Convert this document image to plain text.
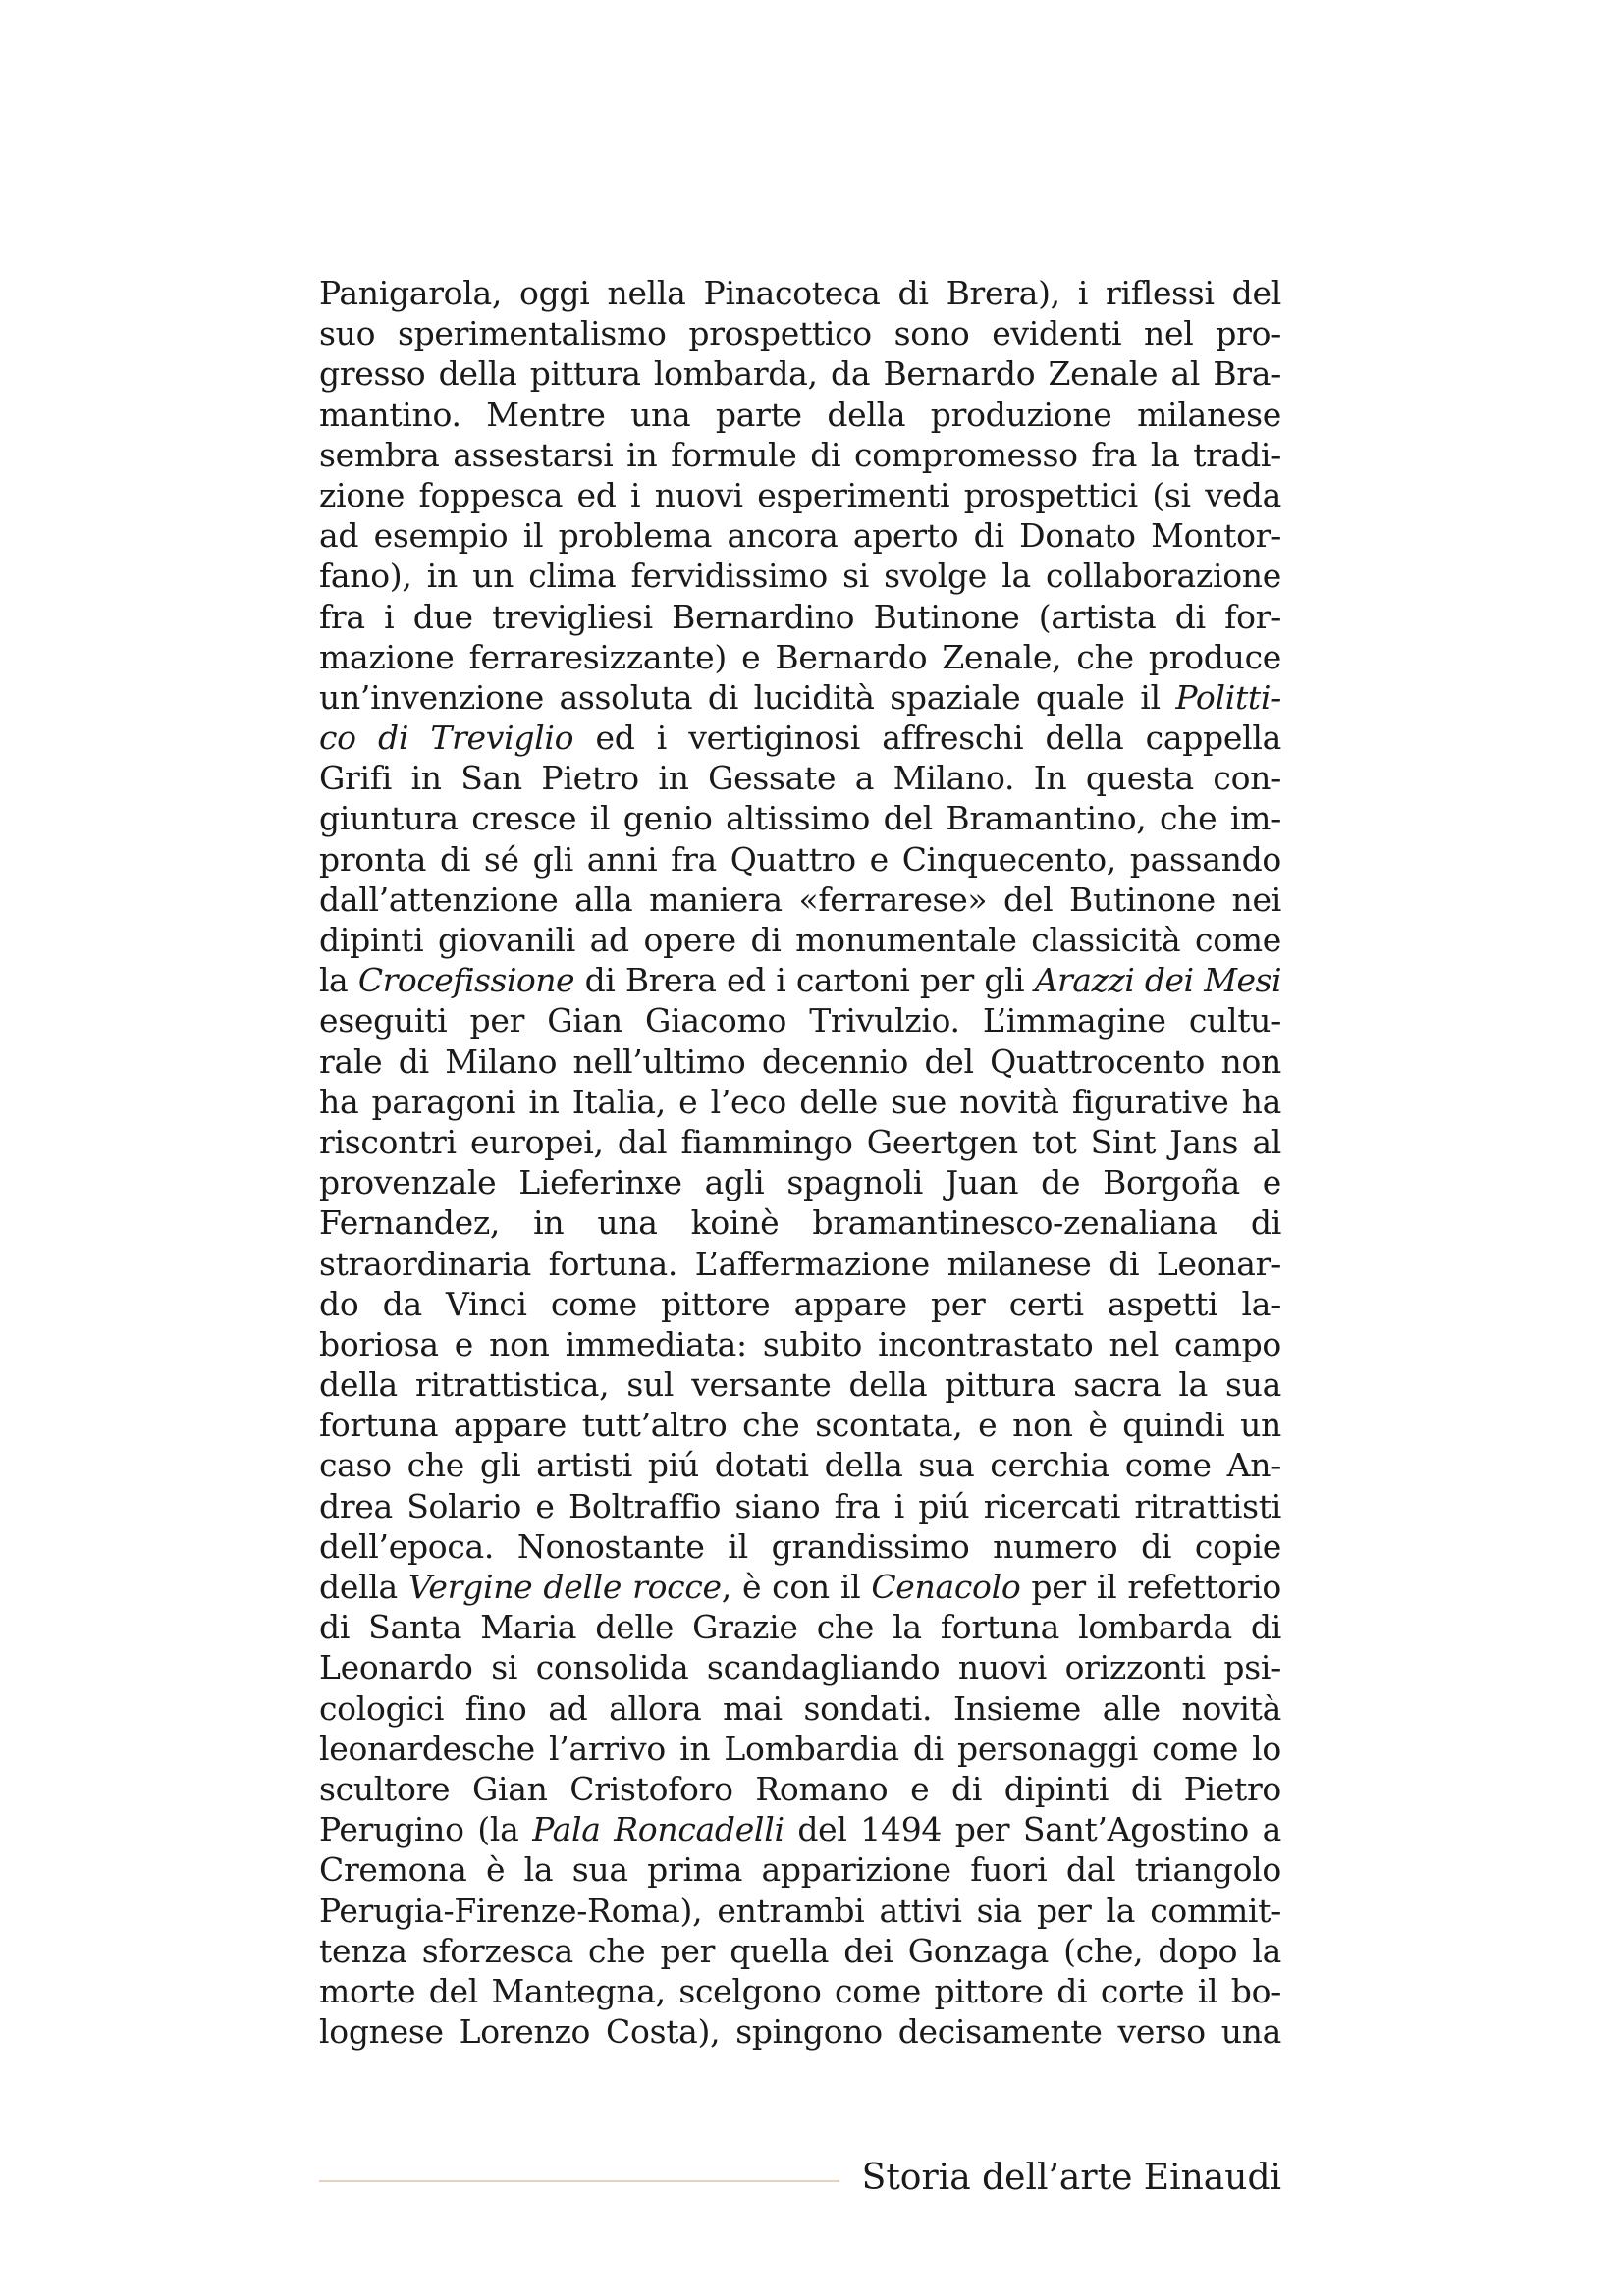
Panigarola, oggi nella Pinacoteca di Brera), i riflessi del
suo sperimentalismo prospettico sono evidenti nel pro-
gresso della pittura lombarda, da Bernardo Zenale al Bra-
mantino. Mentre una parte della produzione milanese
sembra assestarsi in formule di compromesso fra la tradi-
zione foppesca ed i nuovi esperimenti prospettici (si veda
ad esempio il problema ancora aperto di Donato Montor-
fano), in un clima fervidissimo si svolge la collaborazione
fra i due trevigliesi Bernardino Butinone (artista di for-
mazione ferraresizzante) e Bernardo Zenale, che produce
un’invenzione assoluta di lucidità spaziale quale il Politti-
co di Treviglio ed i vertiginosi affreschi della cappella
Grifi in San Pietro in Gessate a Milano. In questa con-
giuntura cresce il genio altissimo del Bramantino, che im-
pronta di sé gli anni fra Quattro e Cinquecento, passando
dall’attenzione alla maniera «ferrarese» del Butinone nei
dipinti giovanili ad opere di monumentale classicità come
la Crocefissione di Brera ed i cartoni per gli Arazzi dei Mesi
eseguiti per Gian Giacomo Trivulzio. L’immagine cultu-
rale di Milano nell’ultimo decennio del Quattrocento non
ha paragoni in Italia, e l’eco delle sue novità figurative ha
riscontri europei, dal fiammingo Geertgen tot Sint Jans al
provenzale Lieferinxe agli spagnoli Juan de Borgoña e
Fernandez, in una koinè bramantinesco-zenaliana di
straordinaria fortuna. L’affermazione milanese di Leonar-
do da Vinci come pittore appare per certi aspetti la-
boriosa e non immediata: subito incontrastato nel campo
della ritrattistica, sul versante della pittura sacra la sua
fortuna appare tutt’altro che scontata, e non è quindi un
caso che gli artisti piú dotati della sua cerchia come An-
drea Solario e Boltraffio siano fra i piú ricercati ritrattisti
dell’epoca. Nonostante il grandissimo numero di copie
della Vergine delle rocce, è con il Cenacolo per il refettorio
di Santa Maria delle Grazie che la fortuna lombarda di
Leonardo si consolida scandagliando nuovi orizzonti psi-
cologici fino ad allora mai sondati. Insieme alle novità
leonardesche l’arrivo in Lombardia di personaggi come lo
scultore Gian Cristoforo Romano e di dipinti di Pietro
Perugino (la Pala Roncadelli del 1494 per Sant’Agostino a
Cremona è la sua prima apparizione fuori dal triangolo
Perugia-Firenze-Roma), entrambi attivi sia per la commit-
tenza sforzesca che per quella dei Gonzaga (che, dopo la
morte del Mantegna, scelgono come pittore di corte il bo-
lognese Lorenzo Costa), spingono decisamente verso una
Storia dell’arte Einaudi
